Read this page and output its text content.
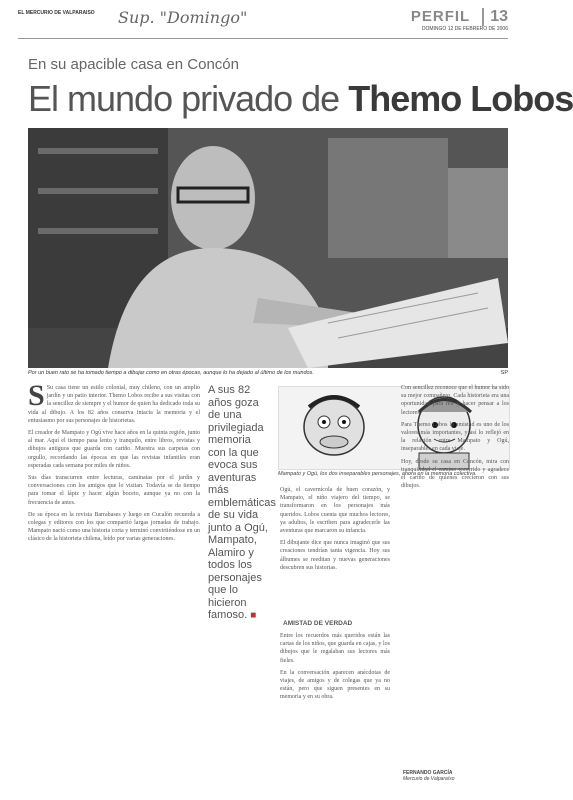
EL MERCURIO DE VALPARAISO Sup. "Domingo"	PERFIL 13
DOMINGO 12 DE FEBRERO DE 2006
En su apacible casa en Concón
El mundo privado de Themo Lobos
Por un buen rato se ha tomado tiempo a dibujar como en otras épocas, aunque lo ha dejado al último de los mundos.	SP

S Su casa tiene un estilo colonial, muy chileno, con un amplio jardín y un patio interior. Themo Lobos recibe a sus visitas con la sencillez de siempre y el humor de quien ha dedicado toda su vida al dibujo. A los 82 años conserva intacta la memoria y el entusiasmo por sus personajes de historietas.

El creador de Mampato y Ogú vive hace años en la quinta región, junto al mar. Aquí el tiempo pasa lento y tranquilo, entre libros, revistas y dibujos antiguos que guarda con cariño. Muestra sus carpetas con orgullo, recordando las épocas en que las revistas infantiles eran esperadas cada semana por miles de niños.

Sus días transcurren entre lecturas, caminatas por el jardín y conversaciones con los amigos que lo visitan. Todavía se da tiempo para tomar el lápiz y hacer algún boceto, aunque ya no con la frecuencia de antes.

De su época en la revista Barrabases y luego en Cucalón recuerda a colegas y editores con los que compartió largas jornadas de trabajo. Mampato nació como una historia corta y terminó convirtiéndose en un clásico de la historieta chilena, leído por varias generaciones.

A sus 82 años goza de una privilegiada memoria con la que evoca sus aventuras más emblemáticas de su vida junto a Ogú, Mampato, Alamiro y todos los personajes que lo hicieron famoso. ■
Mampato y Ogú, los dos inseparables personajes, ahora en la memoria colectiva.

Ogú, el cavernícola de buen corazón, y Mampato, el niño viajero del tiempo, se transformaron en los personajes más queridos. Lobos cuenta que muchos lectores, ya adultos, le escriben para agradecerle las aventuras que marcaron su infancia.

El dibujante dice que nunca imaginó que sus creaciones tendrían tanta vigencia. Hoy sus álbumes se reeditan y nuevas generaciones descubren sus historias.

AMISTAD DE VERDAD

Entre los recuerdos más queridos están las cartas de los niños, que guarda en cajas, y los dibujos que le regalaban sus lectores más fieles.

En la conversación aparecen anécdotas de viajes, de amigos y de colegas que ya no están, pero que siguen presentes en su memoria y en su obra.

Con sencillez reconoce que el humor ha sido su mejor compañero. Cada historieta era una oportunidad para reír y hacer pensar a los lectores.

Para Themo Lobos la amistad es uno de los valores más importantes, y así lo reflejó en la relación entre Mampato y Ogú, inseparables en cada viaje.

Hoy, desde su casa en Concón, mira con tranquilidad el camino recorrido y agradece el cariño de quienes crecieron con sus dibujos.

FERNANDO GARCÍA
Mercurio de Valparaíso
